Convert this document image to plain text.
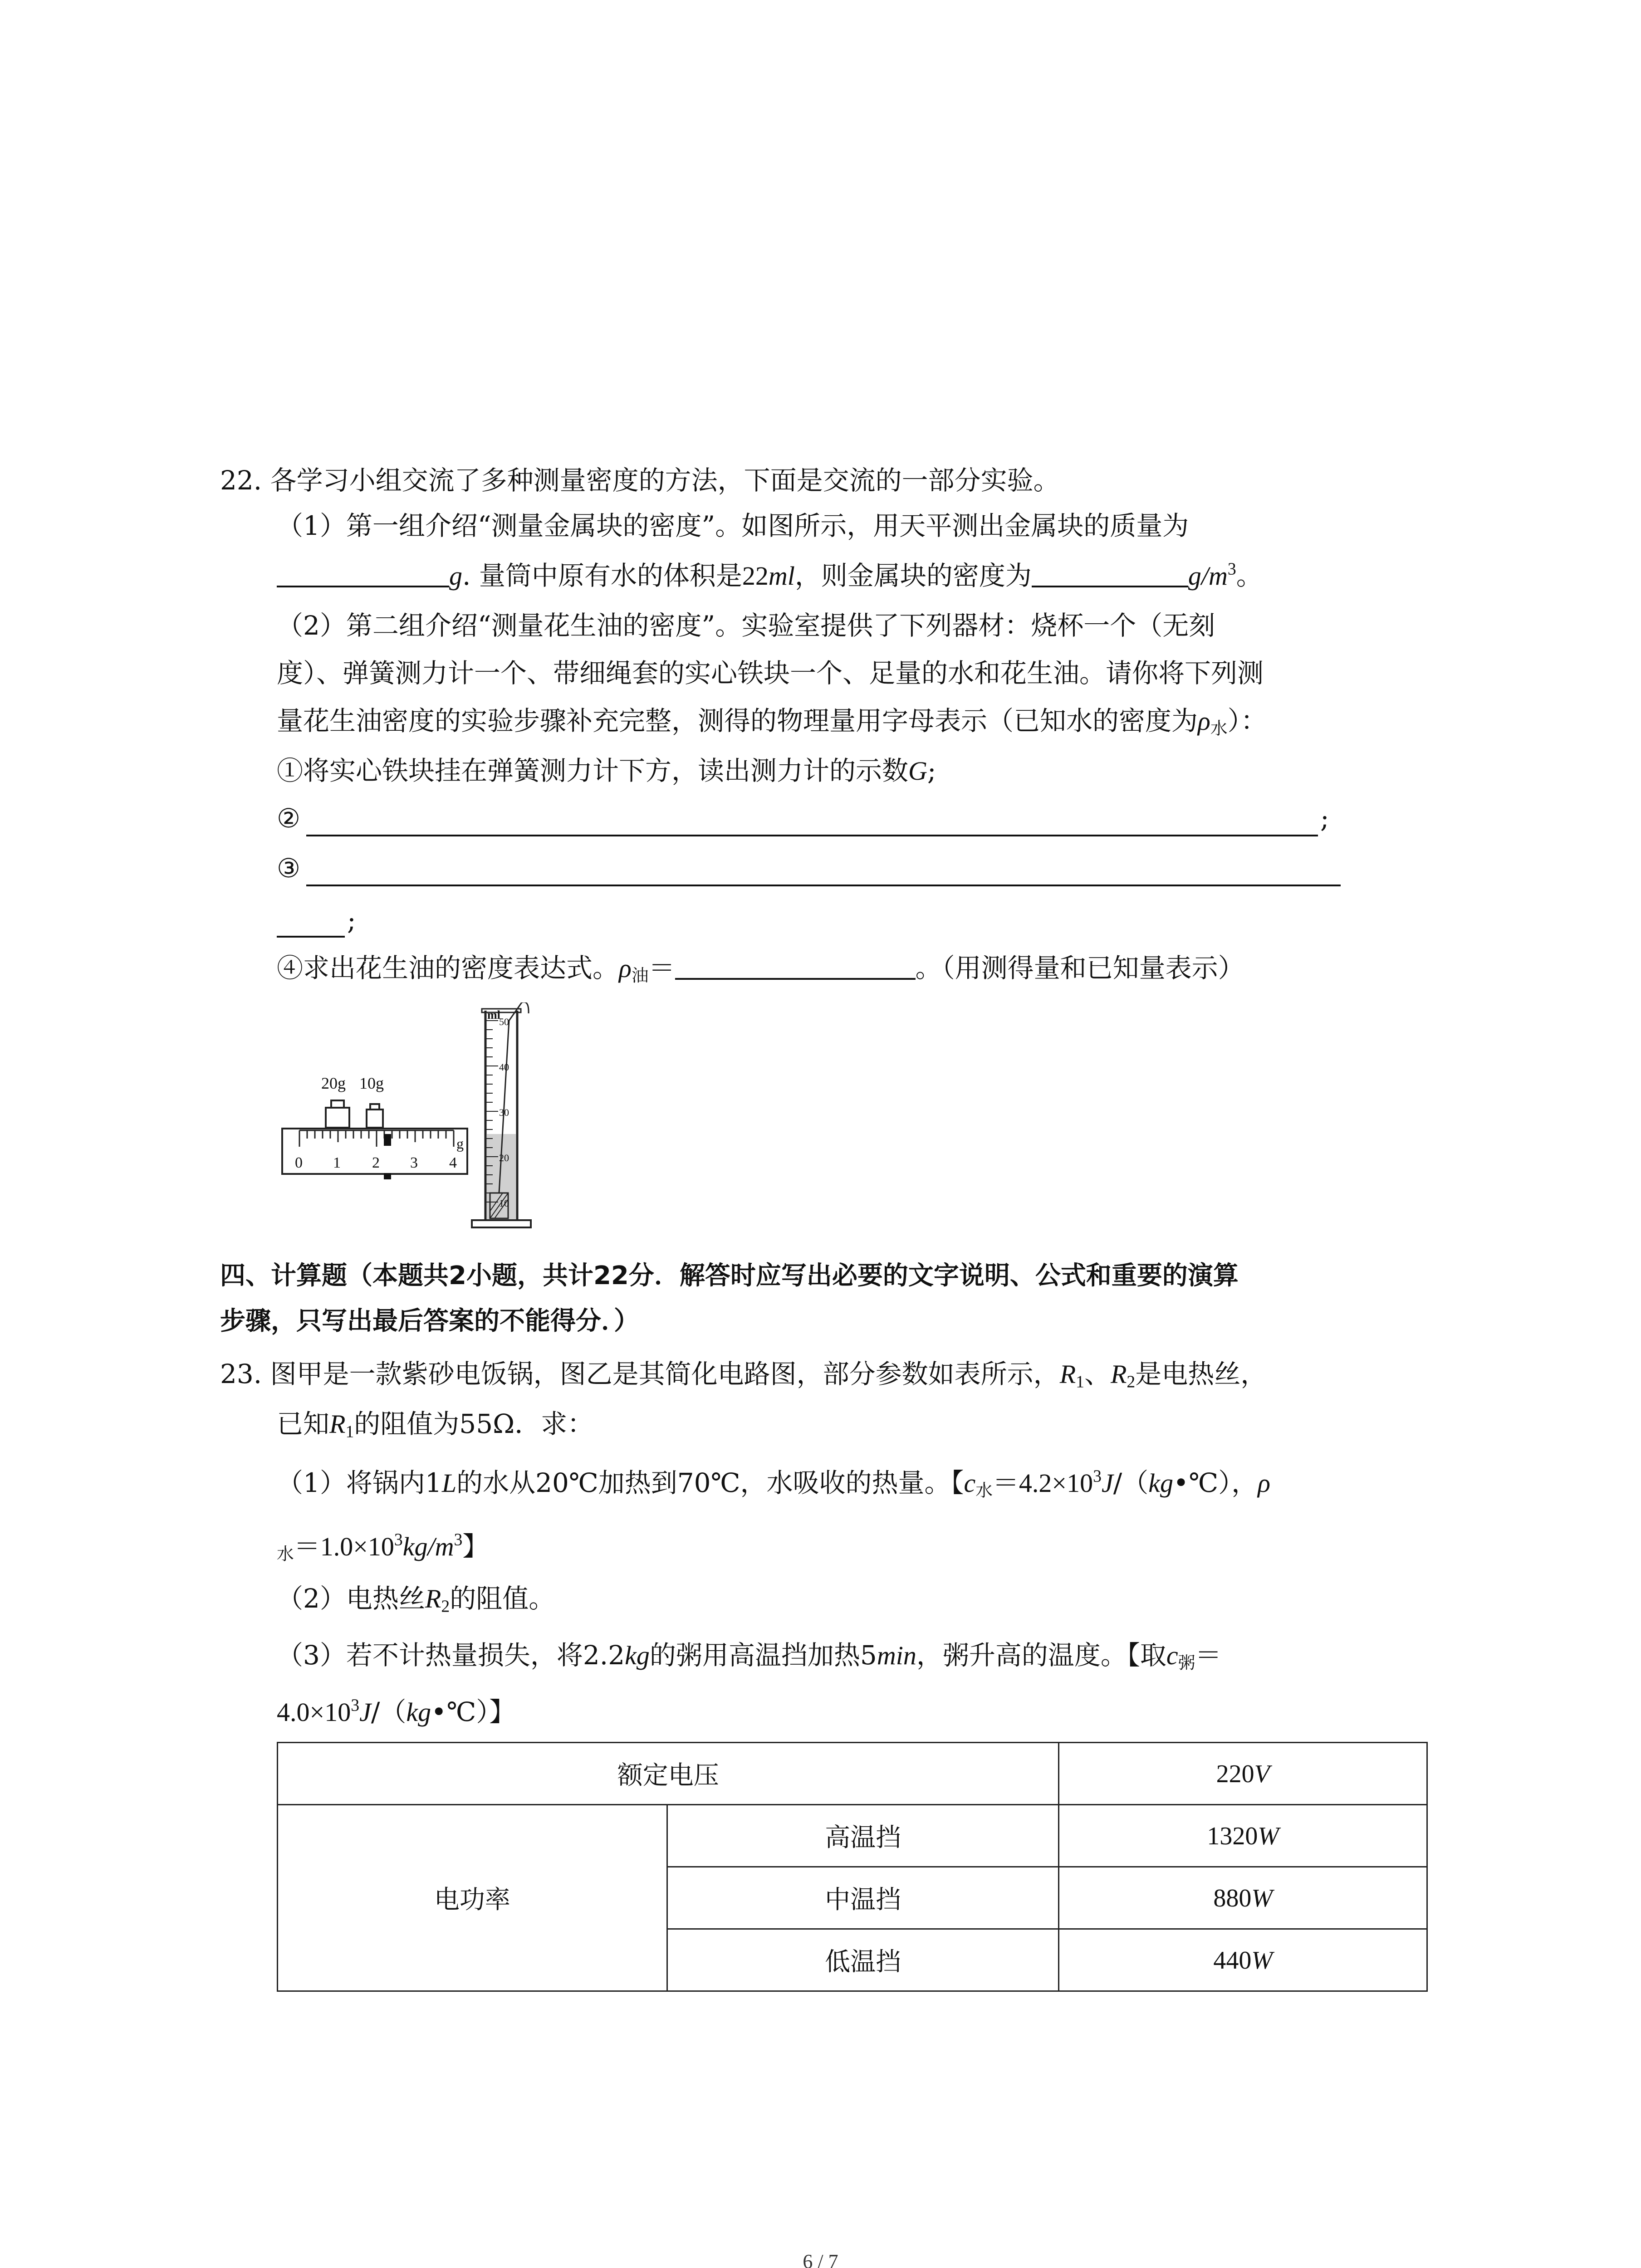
22. 各学习小组交流了多种测量密度的方法，下面是交流的一部分实验。
（1）第一组介绍“测量金属块的密度”。如图所示，用天平测出金属块的质量为
g. 量筒中原有水的体积是22ml，则金属块的密度为	$g/m^3$。
（2）第二组介绍“测量花生油的密度”。实验室提供了下列器材：烧杯一个（无刻
度）、弹簧测力计一个、带细绳套的实心铁块一个、足量的水和花生油。请你将下列测
量花生油密度的实验步骤补充完整，测得的物理量用字母表示（已知水的密度为$\rho_水$）：
①将实心铁块挂在弹簧测力计下方，读出测力计的示数G;
②	;
③
;
④求出花生油的密度表达式。$\rho_油=$	。（用测得量和已知量表示）
20g 10g
g
0 1 2 3 4
ml
50
40
30
20
10
四、计算题（本题共2小题，共计22分．解答时应写出必要的文字说明、公式和重要的演算
步骤，只写出最后答案的不能得分．）
23. 图甲是一款紫砂电饭锅，图乙是其简化电路图，部分参数如表所示，$R_1$、$R_2$是电热丝，
已知$R_1$的阻值为55Ω．求：
（1）将锅内1L的水从20℃加热到70℃，水吸收的热量。【$c_水=4.2\times 10^3J/(kg•℃)$，ρ
$_水=1.0\times 10^3kg/m^3$】
（2）电热丝$R_2$的阻值。
（3）若不计热量损失，将2.2kg的粥用高温挡加热5min，粥升高的温度。【取$c_粥=$
$4.0\times 10^3J/(kg•℃)$】
额定电压		220V
电功率	高温挡	1320W
	中温挡	880W
	低温挡	440W
6 / 7
